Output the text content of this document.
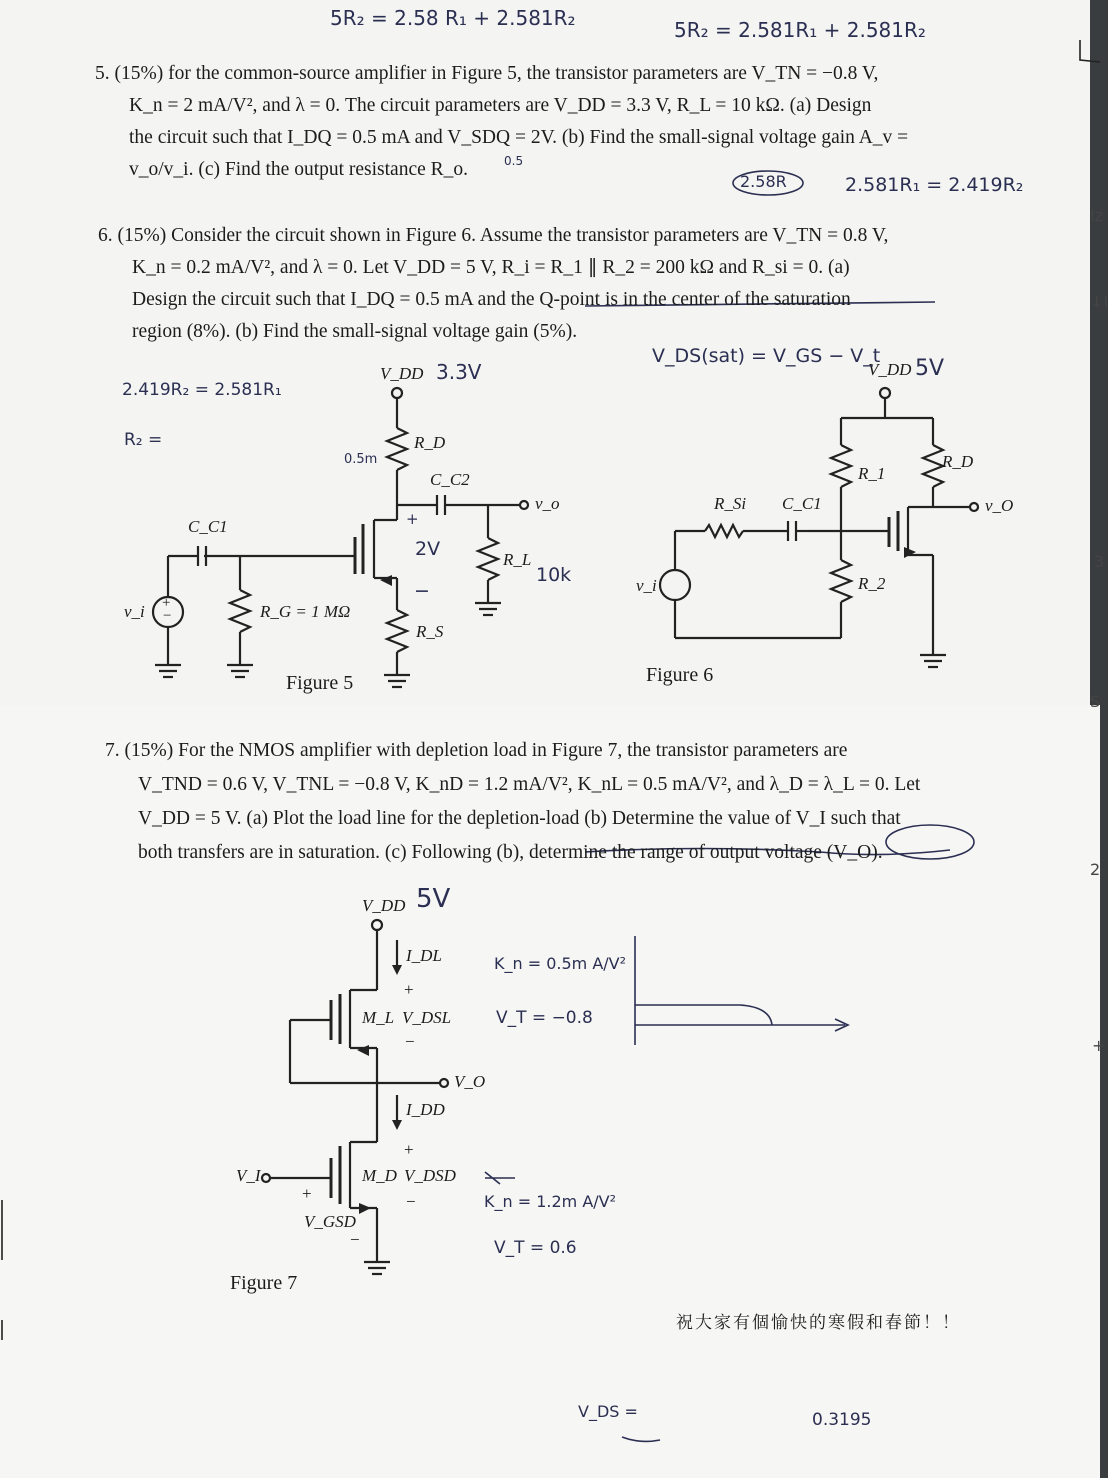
5. (15%) for the common-source amplifier in Figure 5, the transistor parameters are V_TN = −0.8 V,
K_n = 2 mA/V², and λ = 0. The circuit parameters are V_DD = 3.3 V, R_L = 10 kΩ. (a) Design
the circuit such that I_DQ = 0.5 mA and V_SDQ = 2V. (b) Find the small-signal voltage gain A_v =
v_o/v_i. (c) Find the output resistance R_o.
6. (15%) Consider the circuit shown in Figure 6. Assume the transistor parameters are V_TN = 0.8 V,
K_n = 0.2 mA/V², and λ = 0. Let V_DD = 5 V, R_i = R_1 ∥ R_2 = 200 kΩ and R_si = 0. (a)
Design the circuit such that I_DQ = 0.5 mA and the Q-point is in the center of the saturation
region (8%). (b) Find the small-signal voltage gain (5%).
7. (15%) For the NMOS amplifier with depletion load in Figure 7, the transistor parameters are
V_TND = 0.6 V, V_TNL = −0.8 V, K_nD = 1.2 mA/V², K_nL = 0.5 mA/V², and λ_D = λ_L = 0. Let
V_DD = 5 V. (a) Plot the load line for the depletion-load (b) Determine the value of V_I such that
both transfers are in saturation. (c) Following (b), determine the range of output voltage (V_O).
V_DD
R_D
C_C2
v_o
C_C1
v_i +
−	R_G = 1 MΩ
R_S
R_L
Figure 5
V_DD
R_Si C_C1
R_1
R_D
v_O
v_i	R_2
Figure 6
V_DD
I_DL
+
M_L V_DSL
−
V_O
I_DD
+
M_D V_DSD
−
V_I
+
V_GSD
−
Figure 7
5R₂ = 2.58 R₁ + 2.581R₂	5R₂ = 2.581R₁ + 2.581R₂
0.5
2.58R	2.581R₁ = 2.419R₂
2.419R₂ = 2.581R₁
R₂ =
3.3V
0.5m
+
2V
−
10k
V_DS(sat) = V_GS − V_t 5V
5V
K_n = 0.5m A/V²
V_T = −0.8
K_n = 1.2m A/V²
V_T = 0.6
V_DS =	0.3195
祝大家有個愉快的寒假和春節！！
Iz
↓I
3
S
2
+
